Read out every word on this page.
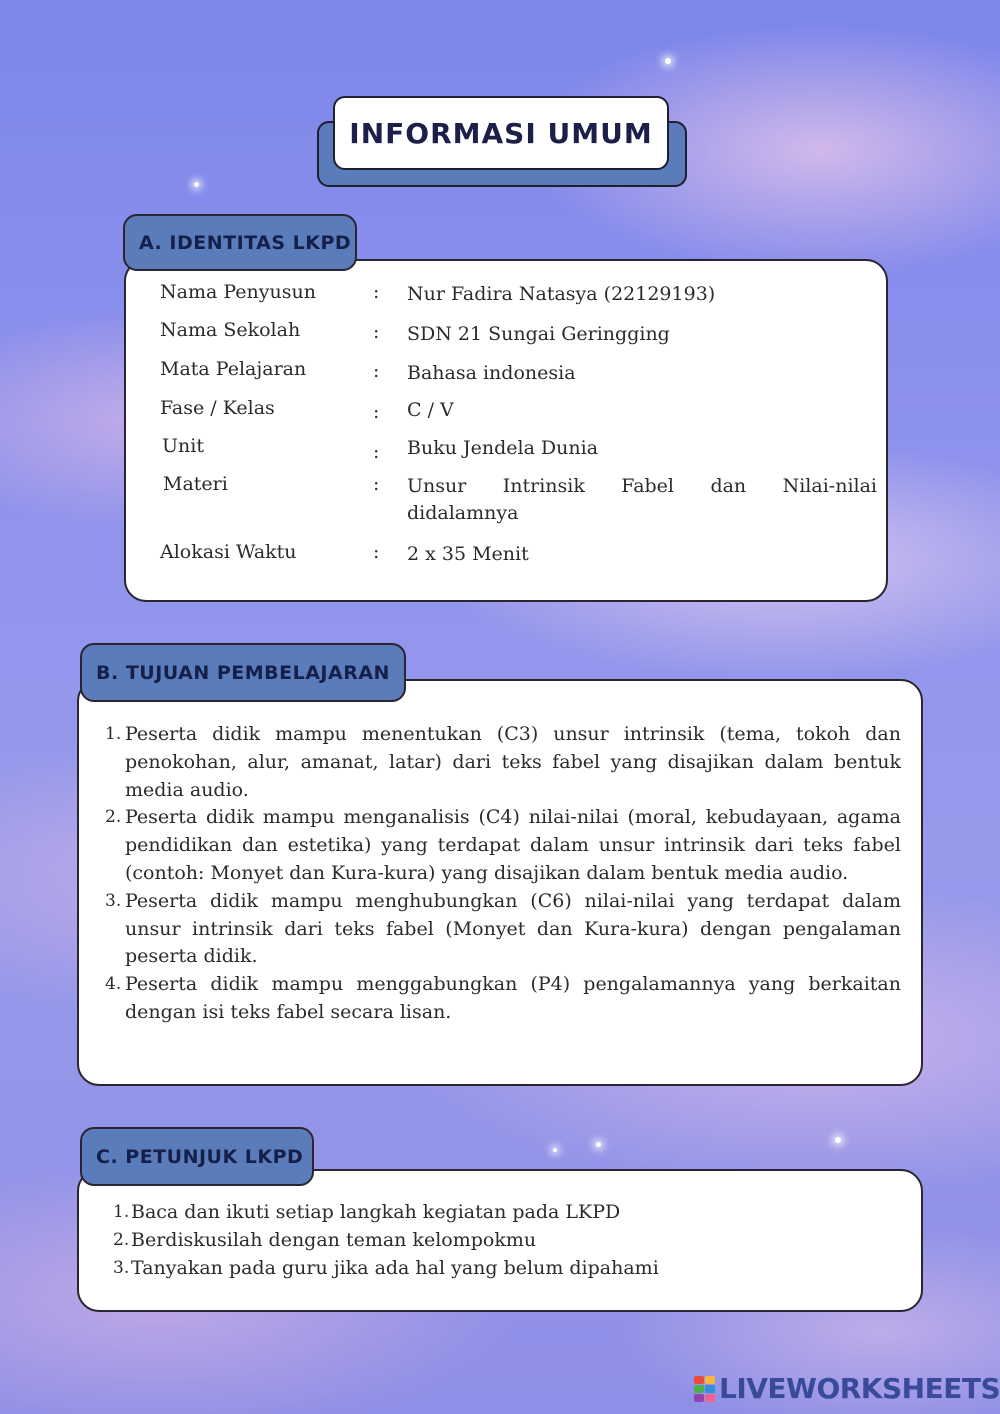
INFORMASI UMUM
Nama Penyusun	: Nur Fadira Natasya (22129193)
Nama Sekolah	: SDN 21 Sungai Geringging
Mata Pelajaran	: Bahasa indonesia
Fase / Kelas	: C / V
Unit	: Buku Jendela Dunia
Materi	: Unsur Intrinsik Fabel dan Nilai-nilai
didalamnya
Alokasi Waktu	: 2 x 35 Menit
A. IDENTITAS LKPD
1. Peserta didik mampu menentukan (C3) unsur intrinsik (tema, tokoh dan penokohan, alur, amanat, latar) dari teks fabel yang disajikan dalam bentuk media audio.
2. Peserta didik mampu menganalisis (C4) nilai-nilai (moral, kebudayaan, agama pendidikan dan estetika) yang terdapat dalam unsur intrinsik dari teks fabel (contoh: Monyet dan Kura-kura) yang disajikan dalam bentuk media audio.
3. Peserta didik mampu menghubungkan (C6) nilai-nilai yang terdapat dalam unsur intrinsik dari teks fabel (Monyet dan Kura-kura) dengan pengalaman peserta didik.
4. Peserta didik mampu menggabungkan (P4) pengalamannya yang berkaitan dengan isi teks fabel secara lisan.
B. TUJUAN PEMBELAJARAN
1. Baca dan ikuti setiap langkah kegiatan pada LKPD
2. Berdiskusilah dengan teman kelompokmu
3. Tanyakan pada guru jika ada hal yang belum dipahami
C. PETUNJUK LKPD
LIVEWORKSHEETS
